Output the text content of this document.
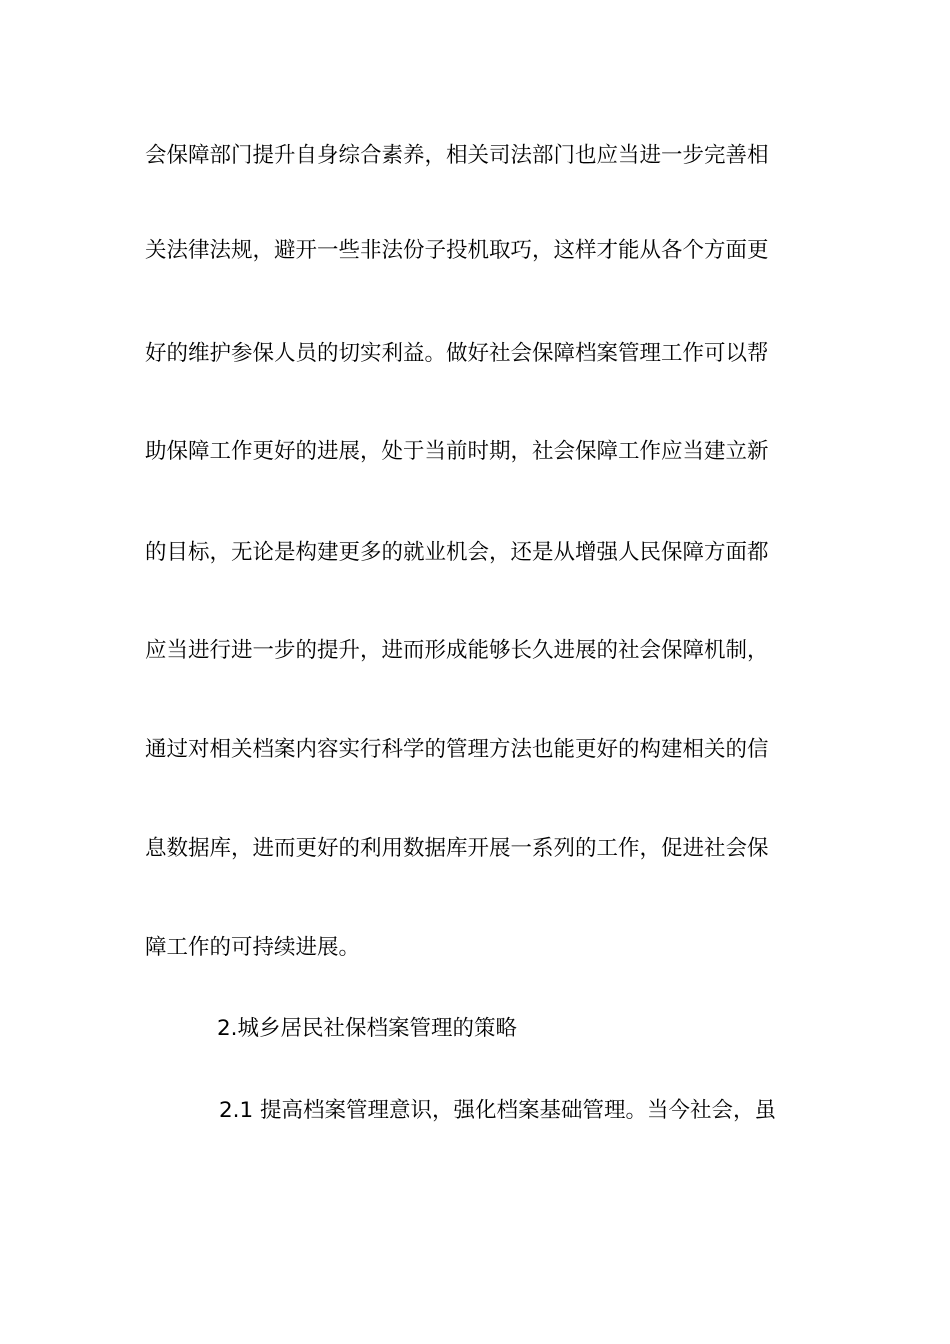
会保障部门提升自身综合素养，相关司法部门也应当进一步完善相

关法律法规，避开一些非法份子投机取巧，这样才能从各个方面更

好的维护参保人员的切实利益。做好社会保障档案管理工作可以帮

助保障工作更好的进展，处于当前时期，社会保障工作应当建立新

的目标，无论是构建更多的就业机会，还是从增强人民保障方面都

应当进行进一步的提升，进而形成能够长久进展的社会保障机制，

通过对相关档案内容实行科学的管理方法也能更好的构建相关的信

息数据库，进而更好的利用数据库开展一系列的工作，促进社会保

障工作的可持续进展。

2.城乡居民社保档案管理的策略

2.1 提高档案管理意识，强化档案基础管理。当今社会，虽
